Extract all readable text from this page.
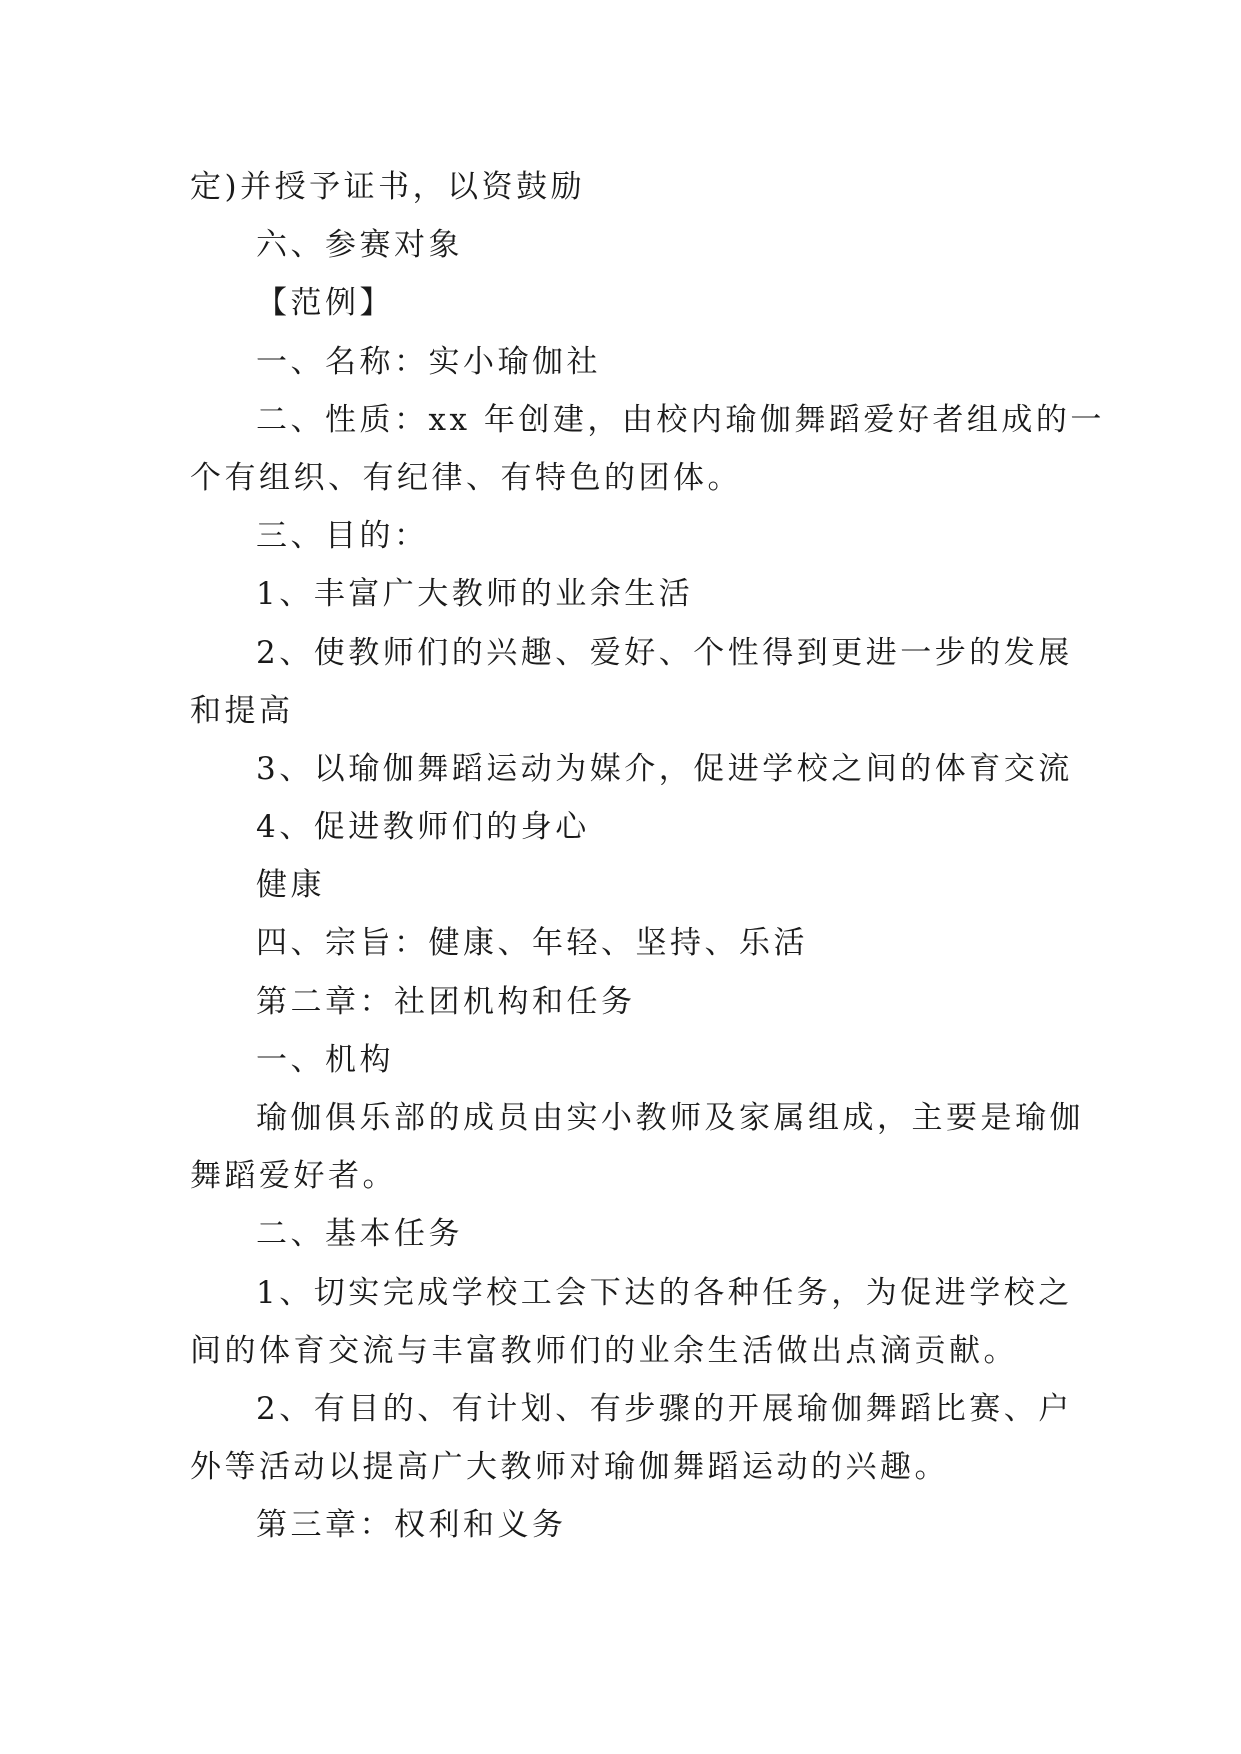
定)并授予证书，以资鼓励
六、参赛对象
【范例】
一、名称：实小瑜伽社
二、性质：xx 年创建，由校内瑜伽舞蹈爱好者组成的一
个有组织、有纪律、有特色的团体。
三、目的：
1、丰富广大教师的业余生活
2、使教师们的兴趣、爱好、个性得到更进一步的发展
和提高
3、以瑜伽舞蹈运动为媒介，促进学校之间的体育交流
4、促进教师们的身心
健康
四、宗旨：健康、年轻、坚持、乐活
第二章：社团机构和任务
一、机构
瑜伽俱乐部的成员由实小教师及家属组成，主要是瑜伽
舞蹈爱好者。
二、基本任务
1、切实完成学校工会下达的各种任务，为促进学校之
间的体育交流与丰富教师们的业余生活做出点滴贡献。
2、有目的、有计划、有步骤的开展瑜伽舞蹈比赛、户
外等活动以提高广大教师对瑜伽舞蹈运动的兴趣。
第三章：权利和义务
